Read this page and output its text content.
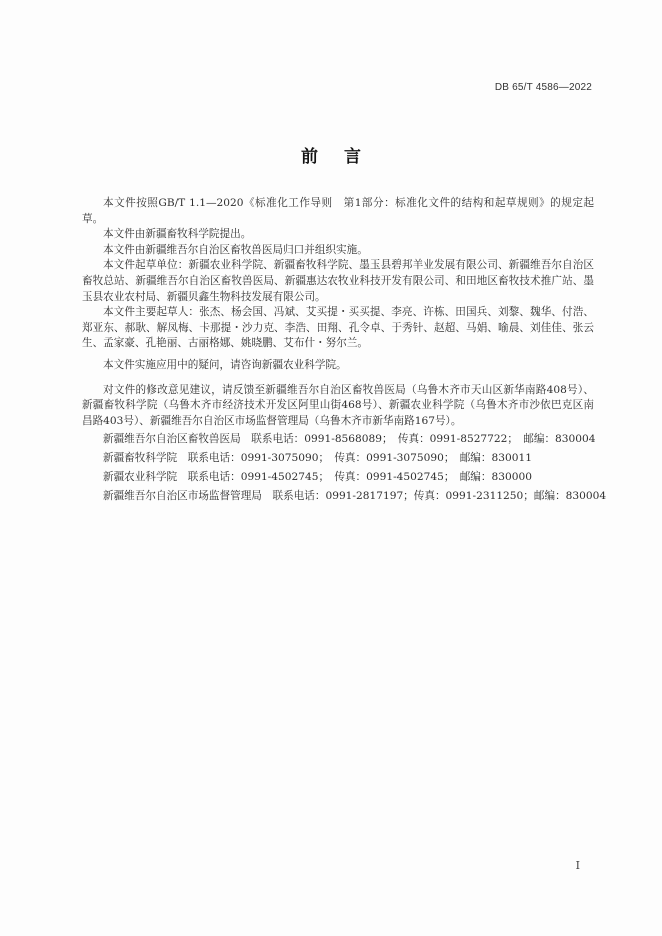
DB 65/T 4586—2022
前言

本文件按照GB/T 1.1—2020《标准化工作导则　第1部分：标准化文件的结构和起草规则》的规定起草。

本文件由新疆畜牧科学院提出。

本文件由新疆维吾尔自治区畜牧兽医局归口并组织实施。

本文件起草单位：新疆农业科学院、新疆畜牧科学院、墨玉县碧邦羊业发展有限公司、新疆维吾尔自治区畜牧总站、新疆维吾尔自治区畜牧兽医局、新疆惠达农牧业科技开发有限公司、和田地区畜牧技术推广站、墨玉县农业农村局、新疆贝鑫生物科技发展有限公司。

本文件主要起草人：张杰、杨会国、冯斌、艾买提・买买提、李亮、许栋、田国兵、刘黎、魏华、付浩、郑亚东、郝耿、解凤梅、卡那提・沙力克、李浩、田翔、孔令卓、于秀针、赵超、马娟、喻晨、刘佳佳、张云生、孟家豪、孔艳丽、古丽格娜、姚晓鹏、艾布什・努尔兰。

本文件实施应用中的疑问，请咨询新疆农业科学院。

对文件的修改意见建议，请反馈至新疆维吾尔自治区畜牧兽医局（乌鲁木齐市天山区新华南路408号）、新疆畜牧科学院（乌鲁木齐市经济技术开发区阿里山街468号）、新疆农业科学院（乌鲁木齐市沙依巴克区南昌路403号）、新疆维吾尔自治区市场监督管理局（乌鲁木齐市新华南路167号）。

新疆维吾尔自治区畜牧兽医局　联系电话：0991-8568089；　传真：0991-8527722；　邮编：830004

新疆畜牧科学院　联系电话：0991-3075090；　传真：0991-3075090；　邮编：830011

新疆农业科学院　联系电话：0991-4502745；　传真：0991-4502745；　邮编：830000

新疆维吾尔自治区市场监督管理局　联系电话：0991-2817197；传真：0991-2311250；邮编：830004

I
